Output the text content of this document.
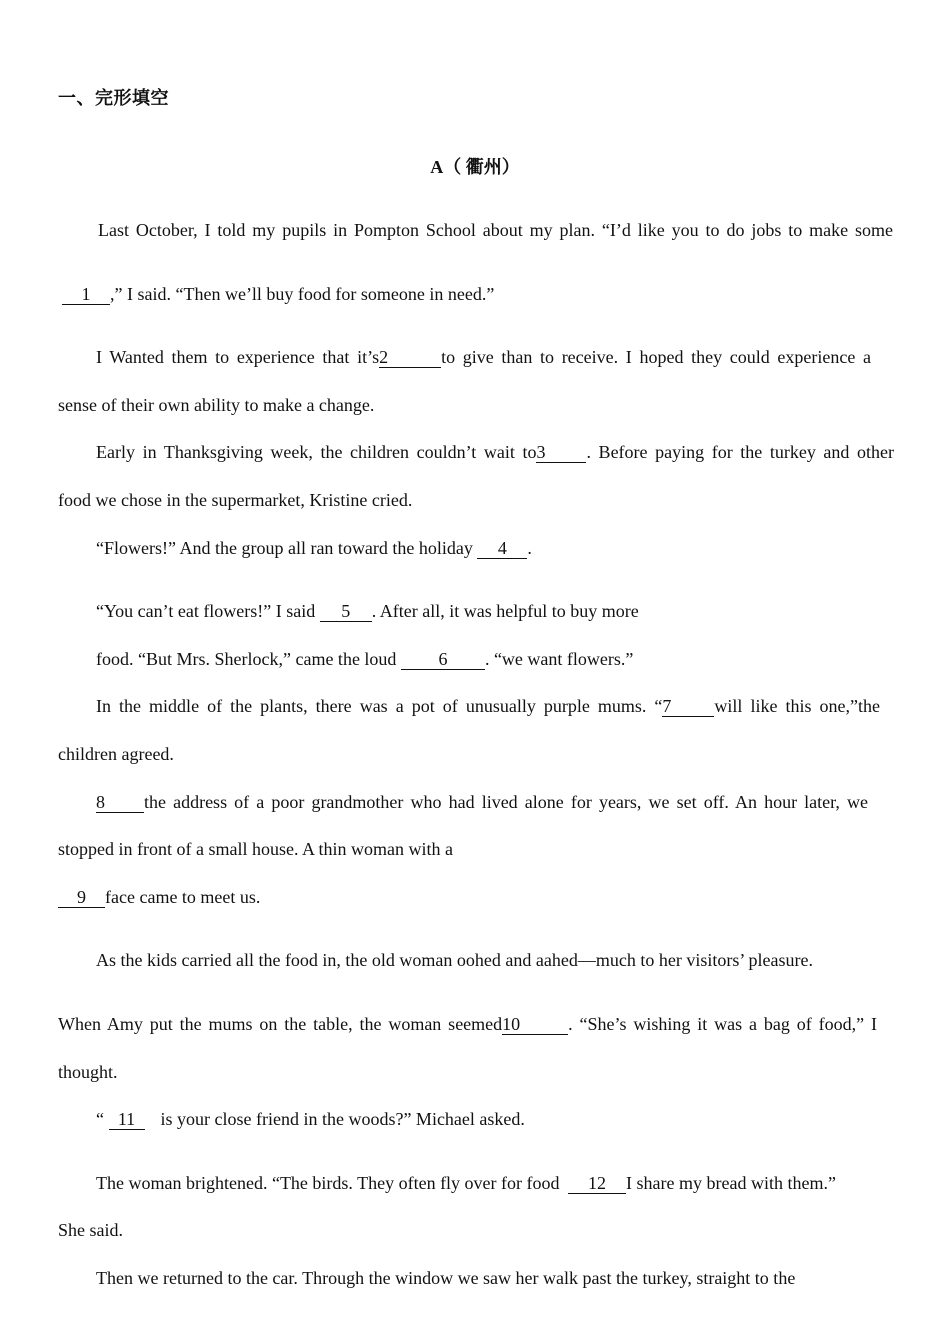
一、完形填空
A（ 衢州）
Last October, I told my pupils in Pompton School about my plan. “I’d like you to do jobs to make some
1 ,” I said. “Then we’ll buy food for someone in need.”
I Wanted them to experience that it’s2	to give than to receive. I hoped they could experience a
sense of their own ability to make a change.
Early in Thanksgiving week, the children couldn’t wait to3 . Before paying for the turkey and other
food we chose in the supermarket, Kristine cried.
“Flowers!” And the group all ran toward the holiday 4 .
“You can’t eat flowers!” I said 5 . After all, it was helpful to buy more
food. “But Mrs. Sherlock,” came the loud 6 . “we want flowers.”
In the middle of the plants, there was a pot of unusually purple mums. “7 will like this one,”the
children agreed.
8 the address of a poor grandmother who had lived alone for years, we set off. An hour later, we
stopped in front of a small house. A thin woman with a
9 face came to meet us.
As the kids carried all the food in, the old woman oohed and aahed—much to her visitors’ pleasure.
When Amy put the mums on the table, the woman seemed10	. “She’s wishing it was a bag of food,” I
thought.
“ 11 is your close friend in the woods?” Michael asked.
The woman brightened. “The birds. They often fly over for food 12 I share my bread with them.”
She said.
Then we returned to the car. Through the window we saw her walk past the turkey, straight to the
